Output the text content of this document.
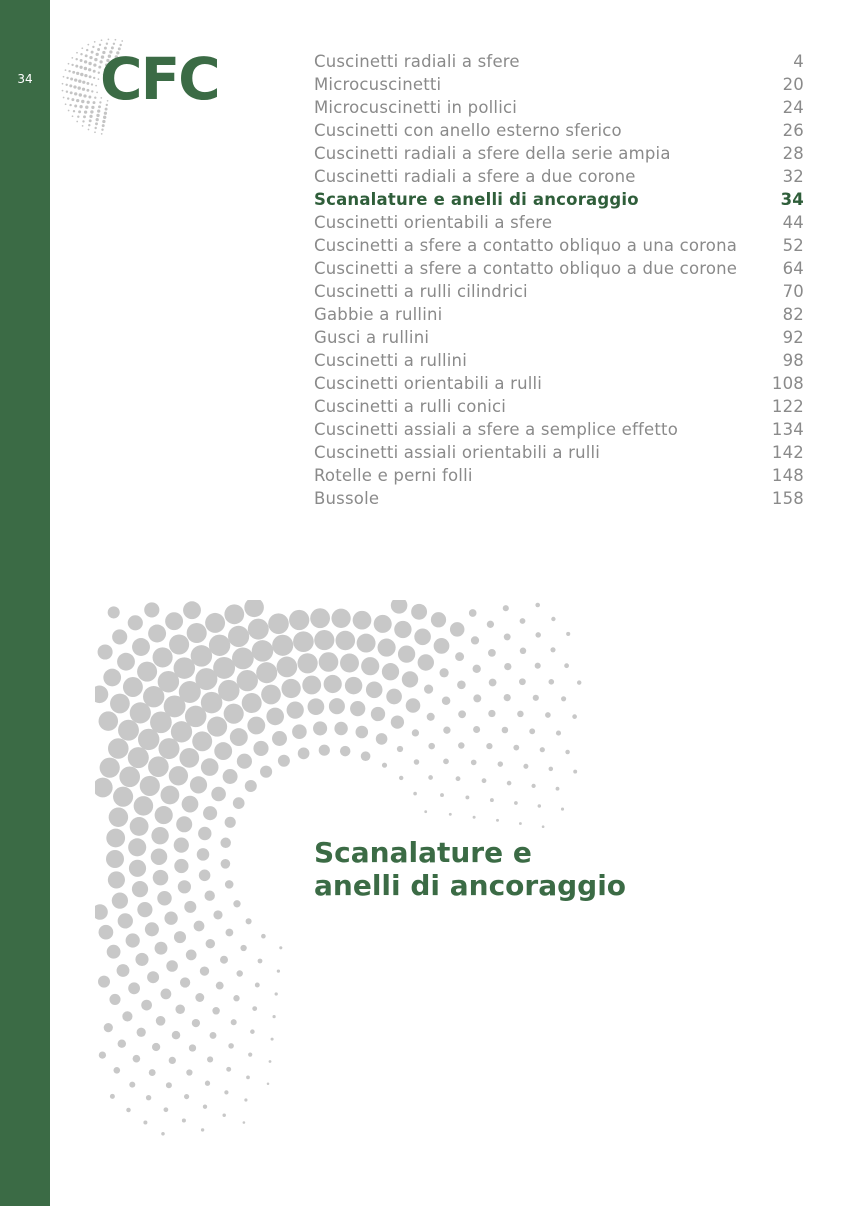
34 CFC	Cuscinetti radiali a sfere	4
Microcuscinetti	20
Microcuscinetti in pollici	24
Cuscinetti con anello esterno sferico	26
Cuscinetti radiali a sfere della serie ampia	28
Cuscinetti radiali a sfere a due corone	32
Scanalature e anelli di ancoraggio	34
Cuscinetti orientabili a sfere	44
Cuscinetti a sfere a contatto obliquo a una corona	52
Cuscinetti a sfere a contatto obliquo a due corone	64
Cuscinetti a rulli cilindrici	70
Gabbie a rullini	82
Gusci a rullini	92
Cuscinetti a rullini	98
Cuscinetti orientabili a rulli	108
Cuscinetti a rulli conici	122
Cuscinetti assiali a sfere a semplice effetto	134
Cuscinetti assiali orientabili a rulli	142
Rotelle e perni folli	148
Bussole	158
Scanalature e
anelli di ancoraggio
